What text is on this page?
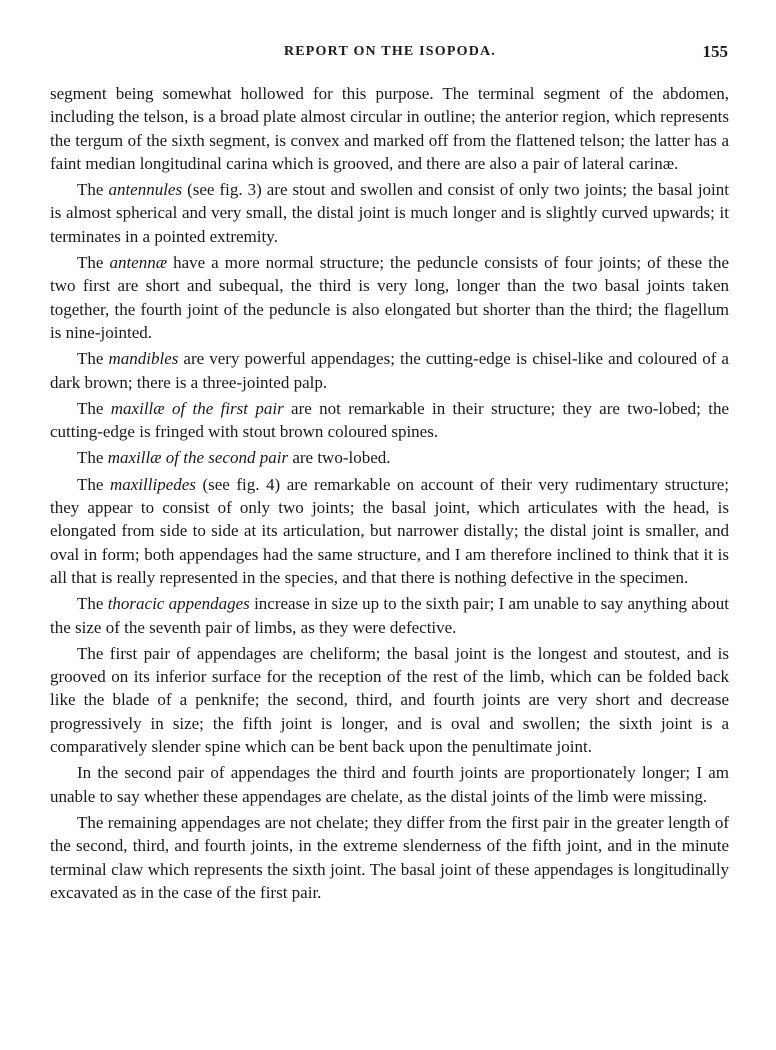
REPORT ON THE ISOPODA.	155

segment being somewhat hollowed for this purpose. The terminal segment of the abdomen, including the telson, is a broad plate almost circular in outline; the anterior region, which represents the tergum of the sixth segment, is convex and marked off from the flattened telson; the latter has a faint median longitudinal carina which is grooved, and there are also a pair of lateral carinæ.

The antennules (see fig. 3) are stout and swollen and consist of only two joints; the basal joint is almost spherical and very small, the distal joint is much longer and is slightly curved upwards; it terminates in a pointed extremity.

The antennæ have a more normal structure; the peduncle consists of four joints; of these the two first are short and subequal, the third is very long, longer than the two basal joints taken together, the fourth joint of the peduncle is also elongated but shorter than the third; the flagellum is nine-jointed.

The mandibles are very powerful appendages; the cutting-edge is chisel-like and coloured of a dark brown; there is a three-jointed palp.

The maxillæ of the first pair are not remarkable in their structure; they are two-lobed; the cutting-edge is fringed with stout brown coloured spines.

The maxillæ of the second pair are two-lobed.

The maxillipedes (see fig. 4) are remarkable on account of their very rudimentary structure; they appear to consist of only two joints; the basal joint, which articulates with the head, is elongated from side to side at its articulation, but narrower distally; the distal joint is smaller, and oval in form; both appendages had the same structure, and I am therefore inclined to think that it is all that is really represented in the species, and that there is nothing defective in the specimen.

The thoracic appendages increase in size up to the sixth pair; I am unable to say anything about the size of the seventh pair of limbs, as they were defective.

The first pair of appendages are cheliform; the basal joint is the longest and stoutest, and is grooved on its inferior surface for the reception of the rest of the limb, which can be folded back like the blade of a penknife; the second, third, and fourth joints are very short and decrease progressively in size; the fifth joint is longer, and is oval and swollen; the sixth joint is a comparatively slender spine which can be bent back upon the penultimate joint.

In the second pair of appendages the third and fourth joints are proportionately longer; I am unable to say whether these appendages are chelate, as the distal joints of the limb were missing.

The remaining appendages are not chelate; they differ from the first pair in the greater length of the second, third, and fourth joints, in the extreme slenderness of the fifth joint, and in the minute terminal claw which represents the sixth joint. The basal joint of these appendages is longitudinally excavated as in the case of the first pair.
